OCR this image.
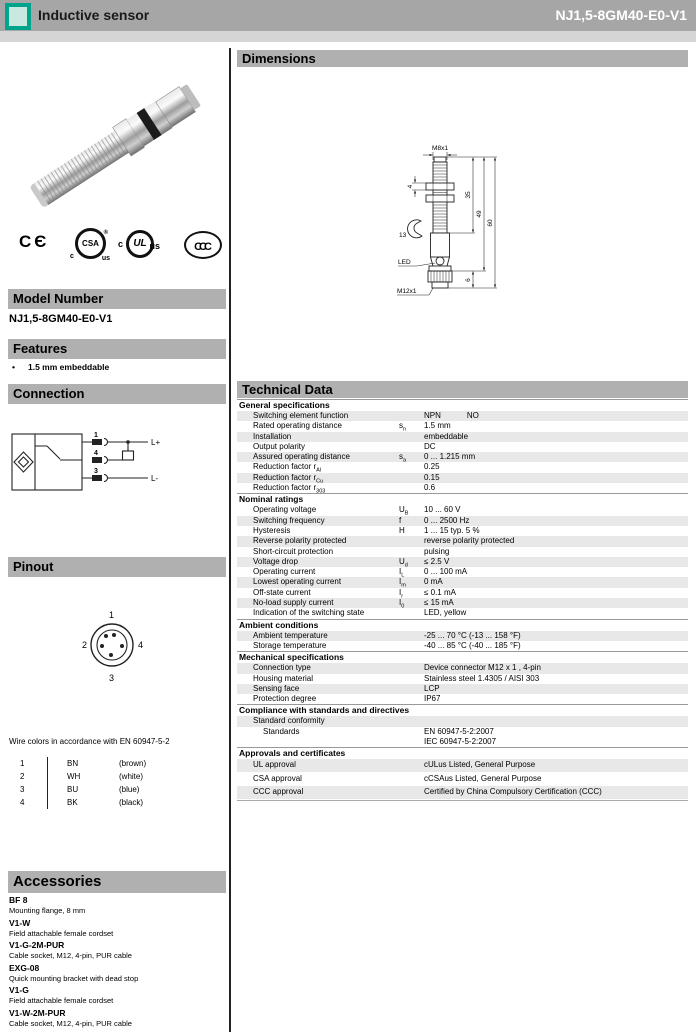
Inductive sensor	NJ1,5-8GM40-E0-V1
CЄ	CSA
®
c	us
c	UL us	CCC
Model Number
NJ1,5-8GM40-E0-V1
Features
• 1.5 mm embeddable
Connection
1
4
3
L+
L-
Pinout
1
2	4
3
Wire colors in accordance with EN 60947-5-2
1	BN	(brown)
2	WH	(white)
3	BU	(blue)
4	BK	(black)
Accessories
BF 8
Mounting flange, 8 mm
V1-W
Field attachable female cordset
V1-G-2M-PUR
Cable socket, M12, 4-pin, PUR cable
EXG-08
Quick mounting bracket with dead stop
V1-G
Field attachable female cordset
V1-W-2M-PUR
Cable socket, M12, 4-pin, PUR cable
Dimensions
M8x1
4
13
35
49
60
6
LED
M12x1
Technical Data
General specifications
Switching element function	NPN	NO
Rated operating distance	$s_n$	1.5 mm
Installation	embeddable
Output polarity	DC
Assured operating distance	$s_a$	0 ... 1.215 mm
Reduction factor $r_{Al}$	0.25
Reduction factor $r_{Cu}$	0.15
Reduction factor $r_{303}$	0.6
Nominal ratings
Operating voltage	$U_B$	10 ... 60 V
Switching frequency	f	0 ... 2500 Hz
Hysteresis	H	1 ... 15 typ. 5 %
Reverse polarity protected	reverse polarity protected
Short-circuit protection	pulsing
Voltage drop	$U_d$	≤ 2.5 V
Operating current	$I_L$	0 ... 100 mA
Lowest operating current	$I_m$	0 mA
Off-state current	$I_r$	≤ 0.1 mA
No-load supply current	$I_0$	≤ 15 mA
Indication of the switching state	LED, yellow
Ambient conditions
Ambient temperature	-25 ... 70 °C (-13 ... 158 °F)
Storage temperature	-40 ... 85 °C (-40 ... 185 °F)
Mechanical specifications
Connection type	Device connector M12 x 1 , 4-pin
Housing material	Stainless steel 1.4305 / AISI 303
Sensing face	LCP
Protection degree	IP67
Compliance with standards and directives
Standard conformity
Standards	EN 60947-5-2:2007
IEC 60947-5-2:2007
Approvals and certificates
UL approval	cULus Listed, General Purpose
CSA approval	cCSAus Listed, General Purpose
CCC approval	Certified by China Compulsory Certification (CCC)
